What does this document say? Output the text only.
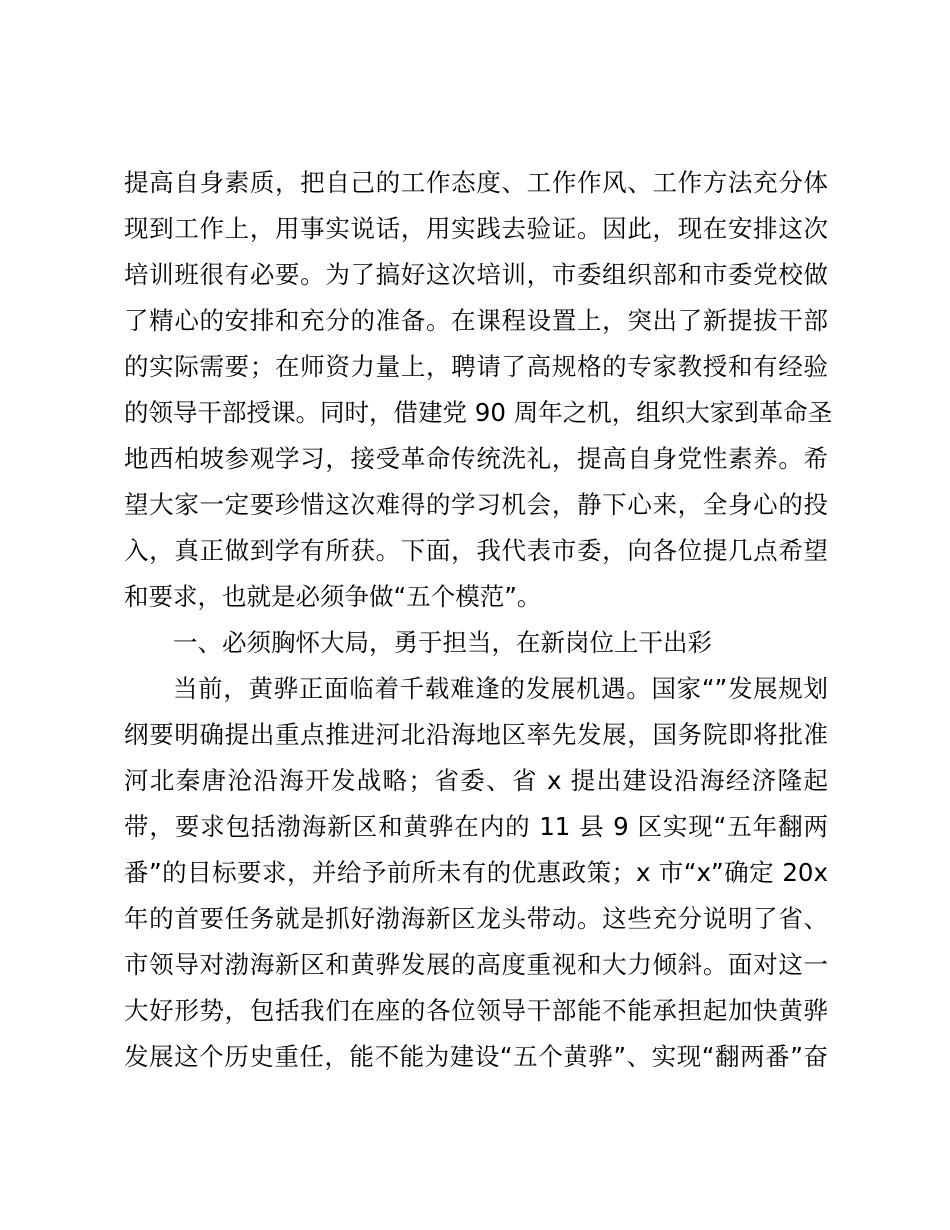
提高自身素质，把自己的工作态度、工作作风、工作方法充分体
现到工作上，用事实说话，用实践去验证。因此，现在安排这次
培训班很有必要。为了搞好这次培训，市委组织部和市委党校做
了精心的安排和充分的准备。在课程设置上，突出了新提拔干部
的实际需要；在师资力量上，聘请了高规格的专家教授和有经验
的领导干部授课。同时，借建党 90 周年之机，组织大家到革命圣
地西柏坡参观学习，接受革命传统洗礼，提高自身党性素养。希
望大家一定要珍惜这次难得的学习机会，静下心来，全身心的投
入，真正做到学有所获。下面，我代表市委，向各位提几点希望
和要求，也就是必须争做“五个模范”。
一、必须胸怀大局，勇于担当，在新岗位上干出彩
当前，黄骅正面临着千载难逢的发展机遇。国家“”发展规划
纲要明确提出重点推进河北沿海地区率先发展，国务院即将批准
河北秦唐沧沿海开发战略；省委、省 x 提出建设沿海经济隆起
带，要求包括渤海新区和黄骅在内的 11 县 9 区实现“五年翻两
番”的目标要求，并给予前所未有的优惠政策；x 市“x”确定 20x
年的首要任务就是抓好渤海新区龙头带动。这些充分说明了省、
市领导对渤海新区和黄骅发展的高度重视和大力倾斜。面对这一
大好形势，包括我们在座的各位领导干部能不能承担起加快黄骅
发展这个历史重任，能不能为建设“五个黄骅”、实现“翻两番”奋
